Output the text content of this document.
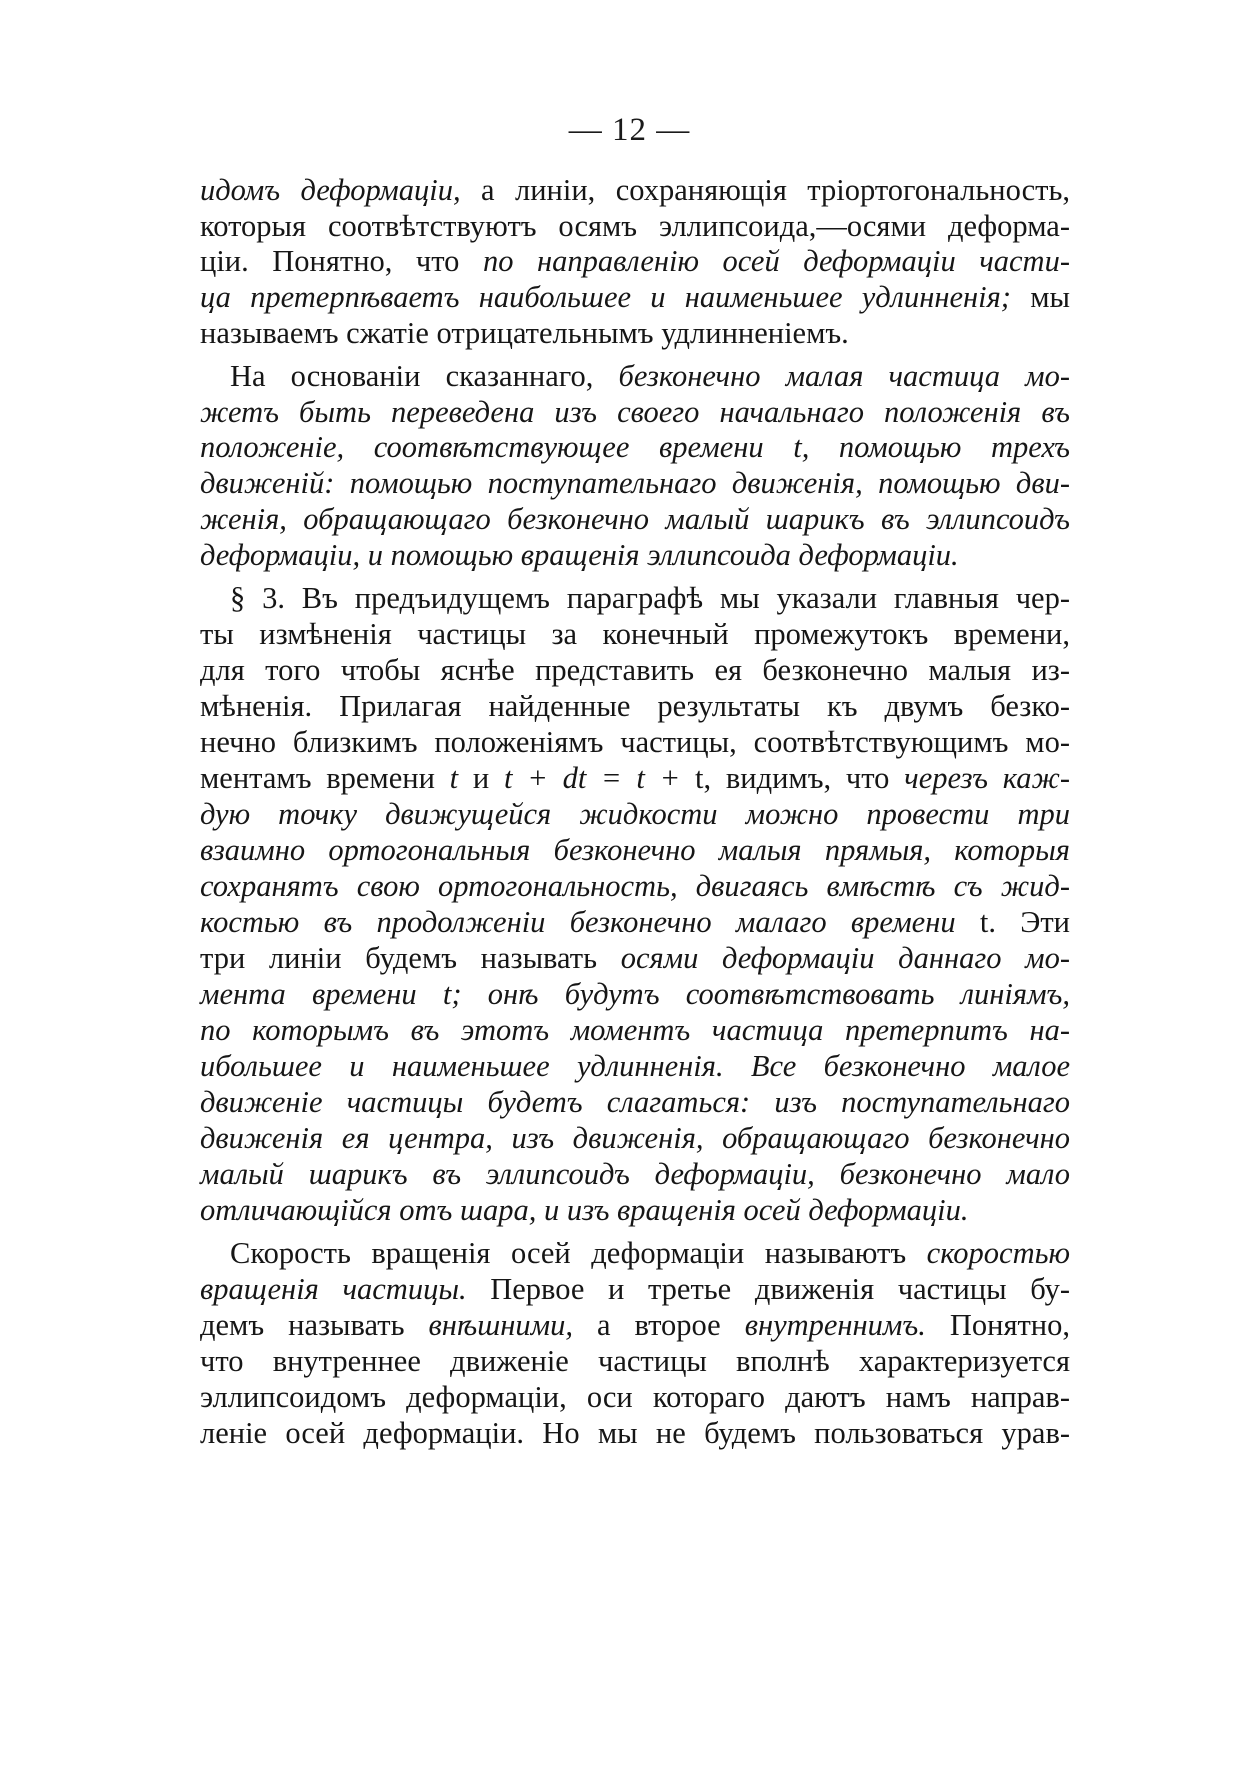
— 12 —
идомъ деформаціи, а линіи, сохраняющія тріортогональность,
которыя соотвѣтствуютъ осямъ эллипсоида,—осями деформа-
ціи. Понятно, что по направленію осей деформаціи части-
ца претерпѣваетъ наибольшее и наименьшее удлинненія; мы
называемъ сжатіе отрицательнымъ удлинненіемъ.
На основаніи сказаннаго, безконечно малая частица мо-
жетъ быть переведена изъ своего начальнаго положенія въ
положеніе, соотвѣтствующее времени t, помощью трехъ
движеній: помощью поступательнаго движенія, помощью дви-
женія, обращающаго безконечно малый шарикъ въ эллипсоидъ
деформаціи, и помощью вращенія эллипсоида деформаціи.
§ 3. Въ предъидущемъ параграфѣ мы указали главныя чер-
ты измѣненія частицы за конечный промежутокъ времени,
для того чтобы яснѣе представить ея безконечно малыя из-
мѣненія. Прилагая найденные результаты къ двумъ безко-
нечно близкимъ положеніямъ частицы, соотвѣтствующимъ мо-
ментамъ времени t и t + dt = t + t, видимъ, что черезъ каж-
дую точку движущейся жидкости можно провести три
взаимно ортогональныя безконечно малыя прямыя, которыя
сохранятъ свою ортогональность, двигаясь вмѣстѣ съ жид-
костью въ продолженіи безконечно малаго времени t. Эти
три линіи будемъ называть осями деформаціи даннаго мо-
мента времени t; онѣ будутъ соотвѣтствовать линіямъ,
по которымъ въ этотъ моментъ частица претерпитъ на-
ибольшее и наименьшее удлинненія. Все безконечно малое
движеніе частицы будетъ слагаться: изъ поступательнаго
движенія ея центра, изъ движенія, обращающаго безконечно
малый шарикъ въ эллипсоидъ деформаціи, безконечно мало
отличающійся отъ шара, и изъ вращенія осей деформаціи.
Скорость вращенія осей деформаціи называютъ скоростью
вращенія частицы. Первое и третье движенія частицы бу-
демъ называть внѣшними, а второе внутреннимъ. Понятно,
что внутреннее движеніе частицы вполнѣ характеризуется
эллипсоидомъ деформаціи, оси котораго даютъ намъ направ-
леніе осей деформаціи. Но мы не будемъ пользоваться урав-
